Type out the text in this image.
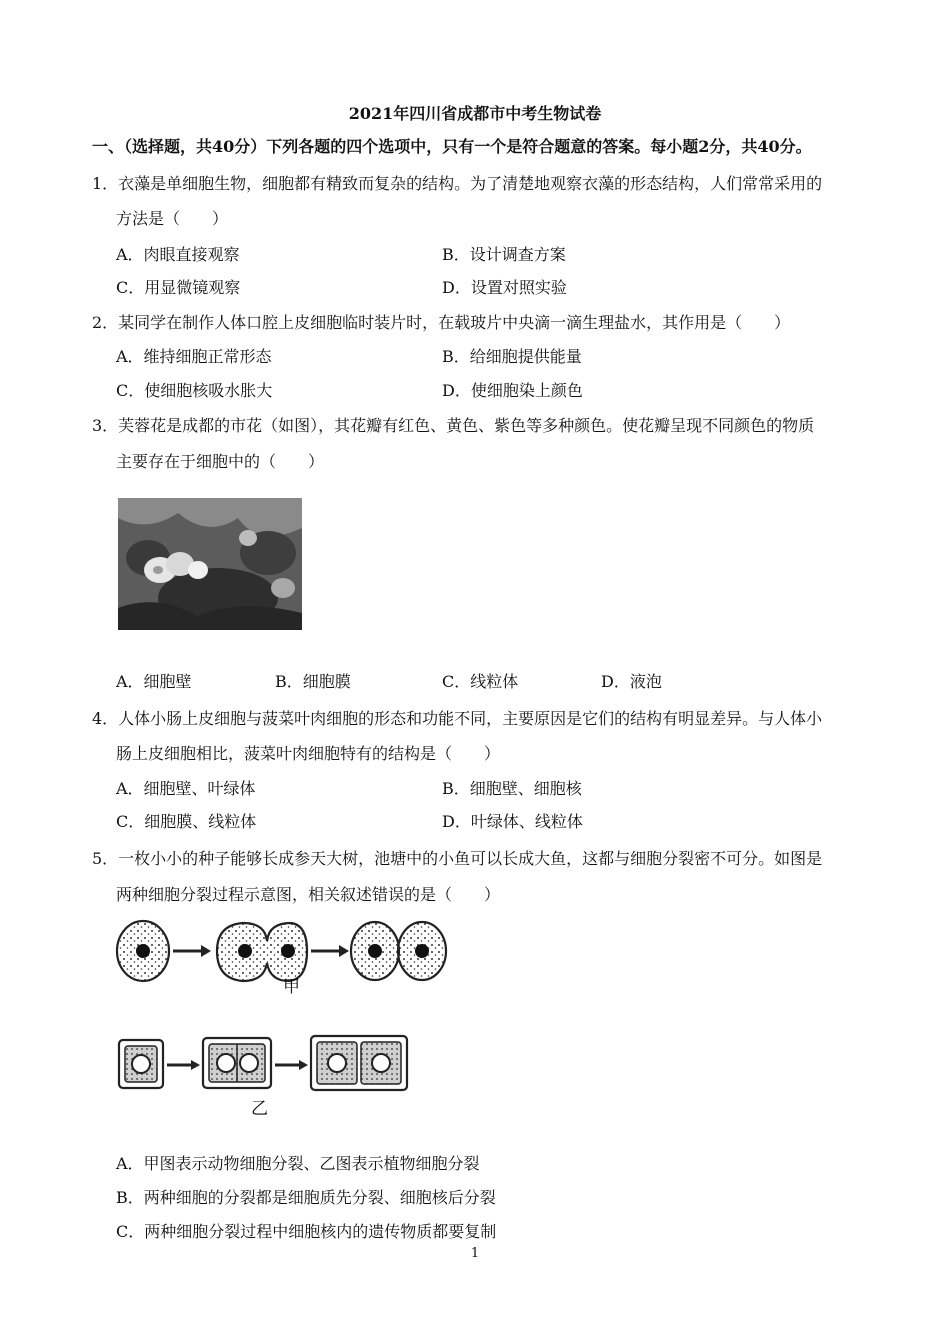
2021年四川省成都市中考生物试卷
一、（选择题，共40分）下列各题的四个选项中，只有一个是符合题意的答案。每小题2分，共40分。
1．衣藻是单细胞生物，细胞都有精致而复杂的结构。为了清楚地观察衣藻的形态结构，人们常常采用的
方法是（　　）
A．肉眼直接观察	B．设计调查方案
C．用显微镜观察	D．设置对照实验
2．某同学在制作人体口腔上皮细胞临时装片时，在载玻片中央滴一滴生理盐水，其作用是（　　）
A．维持细胞正常形态	B．给细胞提供能量
C．使细胞核吸水胀大	D．使细胞染上颜色
3．芙蓉花是成都的市花（如图），其花瓣有红色、黄色、紫色等多种颜色。使花瓣呈现不同颜色的物质
主要存在于细胞中的（　　）
A．细胞壁	B．细胞膜	C．线粒体	D．液泡
4．人体小肠上皮细胞与菠菜叶肉细胞的形态和功能不同，主要原因是它们的结构有明显差异。与人体小
肠上皮细胞相比，菠菜叶肉细胞特有的结构是（　　）
A．细胞壁、叶绿体	B．细胞壁、细胞核
C．细胞膜、线粒体	D．叶绿体、线粒体
5．一枚小小的种子能够长成参天大树，池塘中的小鱼可以长成大鱼，这都与细胞分裂密不可分。如图是
两种细胞分裂过程示意图，相关叙述错误的是（　　）
甲
乙
A．甲图表示动物细胞分裂、乙图表示植物细胞分裂
B．两种细胞的分裂都是细胞质先分裂、细胞核后分裂
C．两种细胞分裂过程中细胞核内的遗传物质都要复制
1
